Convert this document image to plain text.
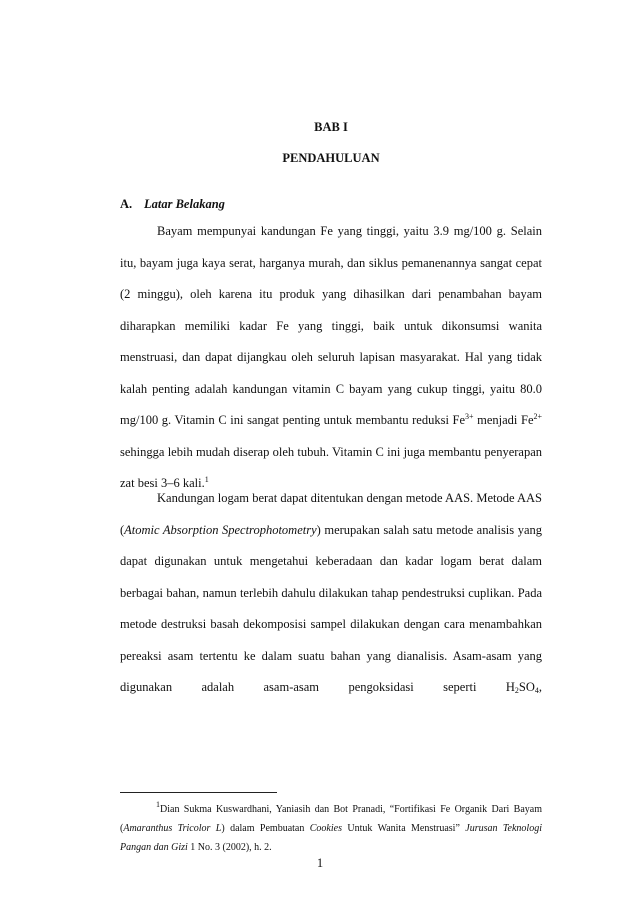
BAB I

PENDAHULUAN

A. Latar Belakang

Bayam mempunyai kandungan Fe yang tinggi, yaitu 3.9 mg/100 g. Selain itu, bayam juga kaya serat, harganya murah, dan siklus pemanenannya sangat cepat (2 minggu), oleh karena itu produk yang dihasilkan dari penambahan bayam diharapkan memiliki kadar Fe yang tinggi, baik untuk dikonsumsi wanita menstruasi, dan dapat dijangkau oleh seluruh lapisan masyarakat. Hal yang tidak kalah penting adalah kandungan vitamin C bayam yang cukup tinggi, yaitu 80.0 mg/100 g. Vitamin C ini sangat penting untuk membantu reduksi $Fe^{3+}$ menjadi $Fe^{2+}$ sehingga lebih mudah diserap oleh tubuh. Vitamin C ini juga membantu penyerapan zat besi 3–6 kali.$^1$

Kandungan logam berat dapat ditentukan dengan metode AAS. Metode AAS (Atomic Absorption Spectrophotometry) merupakan salah satu metode analisis yang dapat digunakan untuk mengetahui keberadaan dan kadar logam berat dalam berbagai bahan, namun terlebih dahulu dilakukan tahap pendestruksi cuplikan. Pada metode destruksi basah dekomposisi sampel dilakukan dengan cara menambahkan pereaksi asam tertentu ke dalam suatu bahan yang dianalisis. Asam-asam yang digunakan adalah asam-asam pengoksidasi seperti $H_2SO_4$,

$^1$Dian Sukma Kuswardhani, Yaniasih dan Bot Pranadi, “Fortifikasi Fe Organik Dari Bayam (Amaranthus Tricolor L) dalam Pembuatan Cookies Untuk Wanita Menstruasi” Jurusan Teknologi Pangan dan Gizi 1 No. 3 (2002), h. 2.

1
